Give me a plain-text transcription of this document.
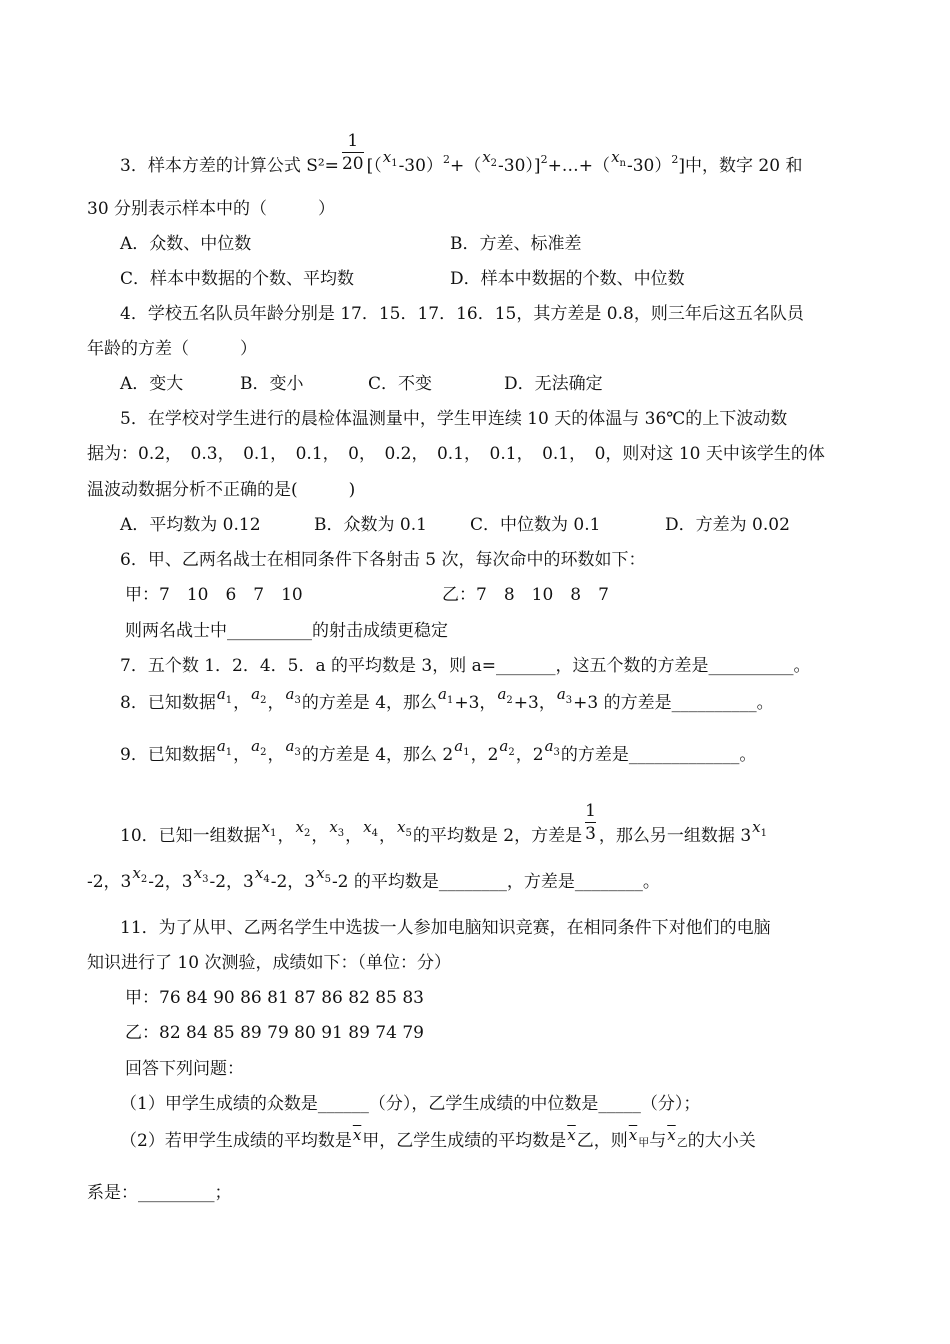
3．样本方差的计算公式 $S^2= \frac{1}{20}$ $[(x_1-30)^2+(x_2-30)]^2+\dots+(x_n-30)^2$]中，数字 20 和
30 分别表示样本中的（　　　）
A．众数、中位数	B．方差、标准差
C．样本中数据的个数、平均数	D．样本中数据的个数、中位数
4．学校五名队员年龄分别是 17．15．17．16．15，其方差是 0.8，则三年后这五名队员
年龄的方差（　　　）
A．变大	B．变小	C．不变	D．无法确定
5．在学校对学生进行的晨检体温测量中，学生甲连续 10 天的体温与 36℃的上下波动数
据为：0.2，　0.3，　0.1，　0.1，　0，　0.2，　0.1，　0.1，　0.1，　0，则对这 10 天中该学生的体
温波动数据分析不正确的是(　　　)
A．平均数为 0.12	B．众数为 0.1	C．中位数为 0.1	D．方差为 0.02
6．甲、乙两名战士在相同条件下各射击 5 次，每次命中的环数如下：
甲：7　10　6　7　10	乙：7　8　10　8　7
则两名战士中__________的射击成绩更稳定
7．五个数 1．2．4．5．a 的平均数是 3，则 a=_______，这五个数的方差是__________。
8．已知数据$a_1$，$a_2$，$a_3$的方差是 4，那么$a_1+3$，$a_2+3$，$a_3+3$ 的方差是__________。
9．已知数据$a_1$，$a_2$，$a_3$的方差是 4，那么 $2a_1$，$2a_2$，$2a_3$的方差是_____________。
10．已知一组数据$x_1$，$x_2$，$x_3$，$x_4$，$x_5$的平均数是 2，方差是 $\frac{1}{3}$ ，那么另一组数据 $3x_1$
-2，$3x_2-2$，$3x_3-2$，$3x_4-2$，$3x_5-2$ 的平均数是________，方差是________。
11．为了从甲、乙两名学生中选拔一人参加电脑知识竞赛，在相同条件下对他们的电脑
知识进行了 10 次测验，成绩如下：（单位：分）
甲：76 84 90 86 81 87 86 82 85 83
乙：82 84 85 89 79 80 91 89 74 79
回答下列问题：
（1）甲学生成绩的众数是______（分），乙学生成绩的中位数是_____（分）；
（2）若甲学生成绩的平均数是$\overline{x}$甲，乙学生成绩的平均数是$\overline{x}$乙，则$\overline{x}$甲与$\overline{x}$乙的大小关
系是：_________；
